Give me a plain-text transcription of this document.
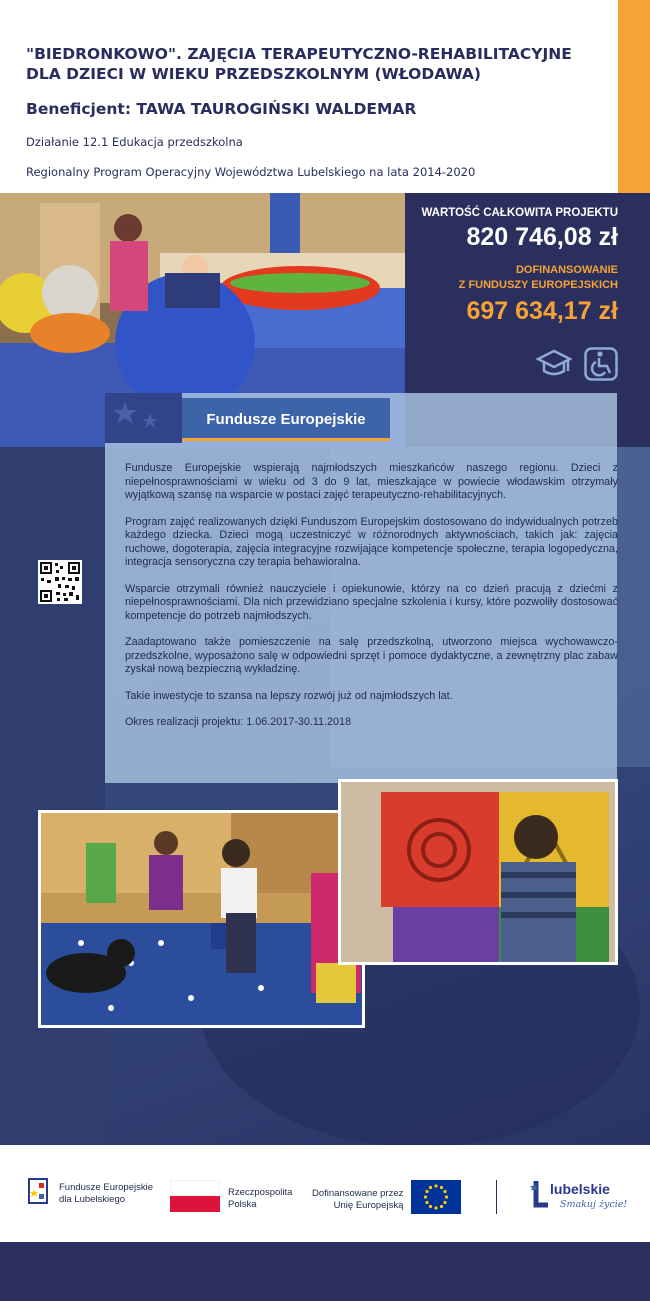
"BIEDRONKOWO". ZAJĘCIA TERAPEUTYCZNO-REHABILITACYJNE DLA DZIECI W WIEKU PRZEDSZKOLNYM (WŁODAWA)
Beneficjent: TAWA TAUROGIŃSKI WALDEMAR
Działanie 12.1 Edukacja przedszkolna
Regionalny Program Operacyjny Województwa Lubelskiego na lata 2014-2020
WARTOŚĆ CAŁKOWITA PROJEKTU
820 746,08 zł
DOFINANSOWANIE
Z FUNDUSZY EUROPEJSKICH
697 634,17 zł
Fundusze Europejskie

Fundusze Europejskie wspierają najmłodszych mieszkańców naszego regionu. Dzieci z niepełnosprawnościami w wieku od 3 do 9 lat, mieszkające w powiecie włodawskim otrzymały wyjątkową szansę na wsparcie w postaci zajęć terapeutyczno-rehabilitacyjnych.

Program zajęć realizowanych dzięki Funduszom Europejskim dostosowano do indywidualnych potrzeb każdego dziecka. Dzieci mogą uczestniczyć w różnorodnych aktywnościach, takich jak: zajęcia ruchowe, dogoterapia, zajęcia integracyjne rozwijające kompetencje społeczne, terapia logopedyczna, integracja sensoryczna czy terapia behawioralna.

Wsparcie otrzymali również nauczyciele i opiekunowie, którzy na co dzień pracują z dziećmi z niepełnosprawnościami. Dla nich przewidziano specjalne szkolenia i kursy, które pozwoliły dostosować kompetencje do potrzeb najmłodszych.

Zaadaptowano także pomieszczenie na salę przedszkolną, utworzono miejsca wychowawczo-przedszkolne, wyposażono salę w odpowiedni sprzęt i pomoce dydaktyczne, a zewnętrzny plac zabaw zyskał nową bezpieczną wykładzinę.

Takie inwestycje to szansa na lepszy rozwój już od najmłodszych lat.

Okres realizacji projektu: 1.06.2017-30.11.2018

Fundusze Europejskie
dla Lubelskiego
Rzeczpospolita
Polska
Dofinansowane przez
Unię Europejską
lubelskie
Smakuj życie!
